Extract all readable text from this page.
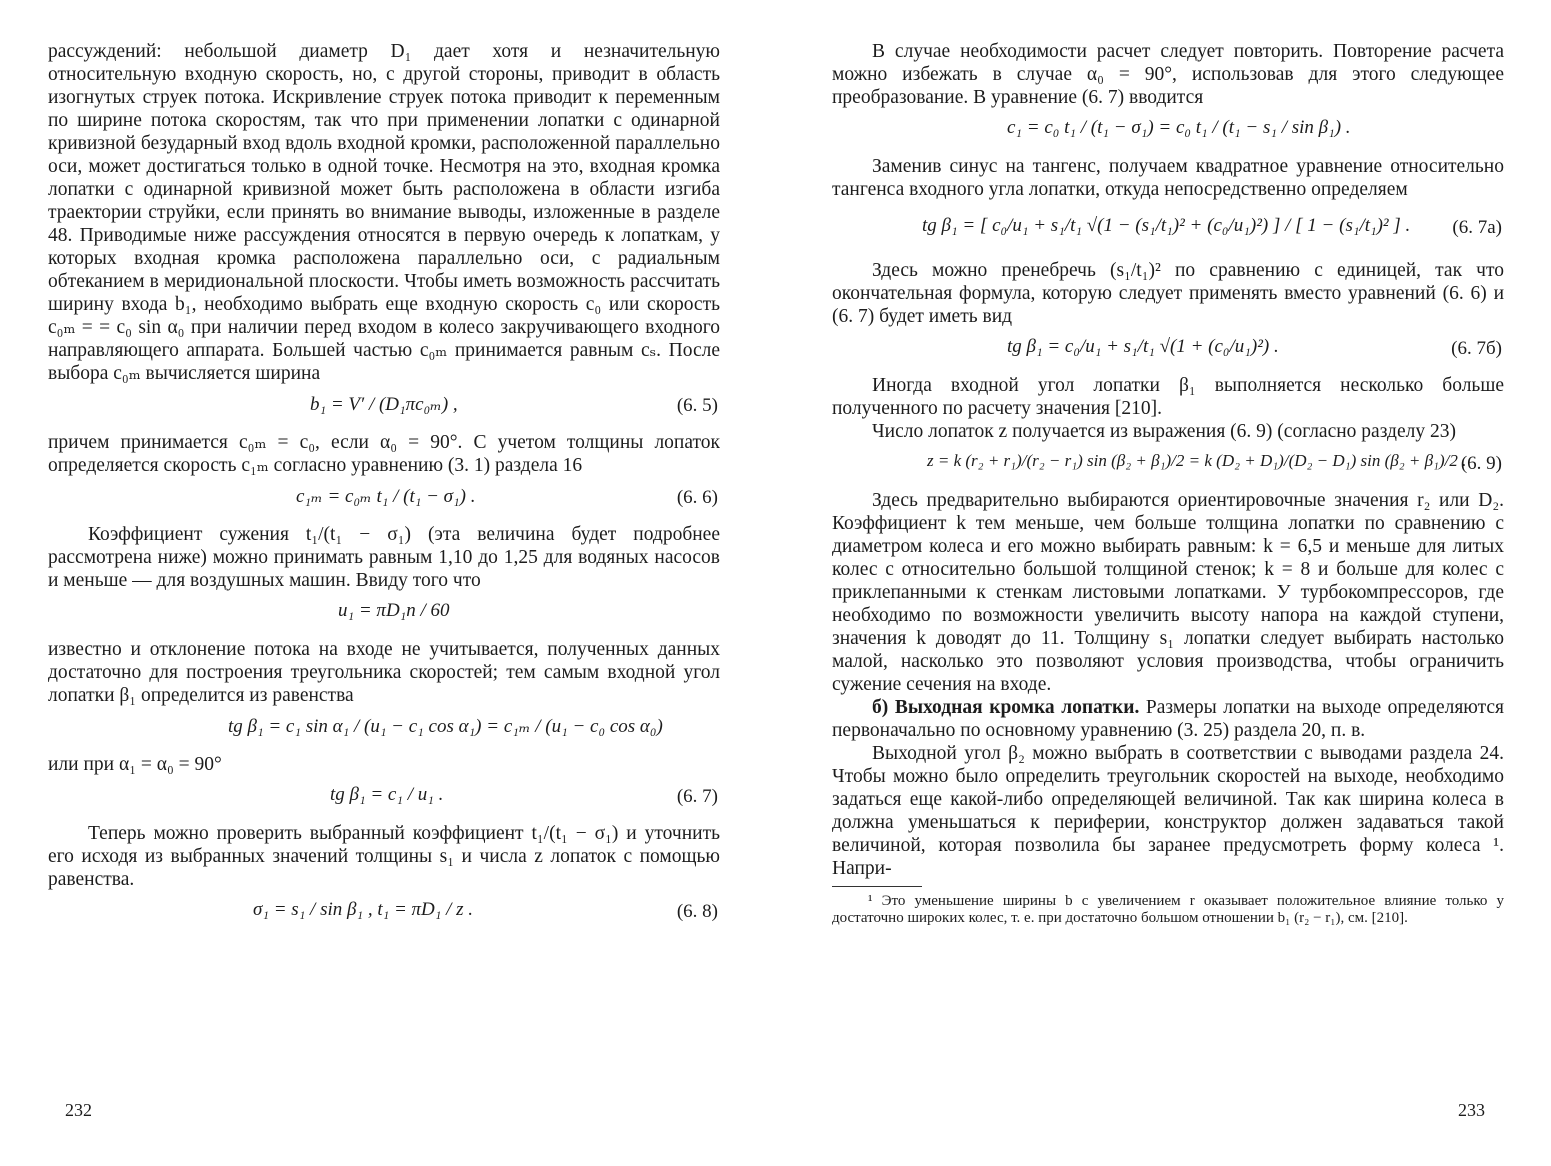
рассуждений: небольшой диаметр D₁ дает хотя и незначительную относительную входную скорость, но, с другой стороны, приводит в область изогнутых струек потока. Искривление струек потока приводит к переменным по ширине потока скоростям, так что при применении лопатки с одинарной кривизной безударный вход вдоль входной кромки, расположенной параллельно оси, может достигаться только в одной точке. Несмотря на это, входная кромка лопатки с одинарной кривизной может быть расположена в области изгиба траектории струйки, если принять во внимание выводы, изложенные в разделе 48. Приводимые ниже рассуждения относятся в первую очередь к лопаткам, у которых входная кромка расположена параллельно оси, с радиальным обтеканием в меридиональной плоскости. Чтобы иметь возможность рассчитать ширину входа b₁, необходимо выбрать еще входную скорость c₀ или скорость c₀ₘ = = c₀ sin α₀ при наличии перед входом в колесо закручивающего входного направляющего аппарата. Большей частью c₀ₘ принимается равным cₛ. После выбора c₀ₘ вычисляется ширина

b₁ = V′ / (D₁πc₀ₘ) ,	(6. 5)

причем принимается c₀ₘ = c₀, если α₀ = 90°. С учетом толщины лопаток определяется скорость c₁ₘ согласно уравнению (3. 1) раздела 16

c₁ₘ = c₀ₘ t₁ / (t₁ − σ₁) .	(6. 6)

Коэффициент сужения t₁/(t₁ − σ₁) (эта величина будет подробнее рассмотрена ниже) можно принимать равным 1,10 до 1,25 для водяных насосов и меньше — для воздушных машин. Ввиду того что

u₁ = πD₁n / 60

известно и отклонение потока на входе не учитывается, полученных данных достаточно для построения треугольника скоростей; тем самым входной угол лопатки β₁ определится из равенства

tg β₁ = c₁ sin α₁ / (u₁ − c₁ cos α₁) = c₁ₘ / (u₁ − c₀ cos α₀)

или при α₁ = α₀ = 90°

tg β₁ = c₁ / u₁ .	(6. 7)

Теперь можно проверить выбранный коэффициент t₁/(t₁ − σ₁) и уточнить его исходя из выбранных значений толщины s₁ и числа z лопаток с помощью равенства.

σ₁ = s₁ / sin β₁ , t₁ = πD₁ / z .	(6. 8)
232

В случае необходимости расчет следует повторить. Повторение расчета можно избежать в случае α₀ = 90°, использовав для этого следующее преобразование. В уравнение (6. 7) вводится

c₁ = c₀ t₁ / (t₁ − σ₁) = c₀ t₁ / (t₁ − s₁ / sin β₁) .

Заменив синус на тангенс, получаем квадратное уравнение относительно тангенса входного угла лопатки, откуда непосредственно определяем

tg β₁ = [ c₀/u₁ + s₁/t₁ √(1 − (s₁/t₁)² + (c₀/u₁)²) ] / [ 1 − (s₁/t₁)² ] . (6. 7а)

Здесь можно пренебречь (s₁/t₁)² по сравнению с единицей, так что окончательная формула, которую следует применять вместо уравнений (6. 6) и (6. 7) будет иметь вид

tg β₁ = c₀/u₁ + s₁/t₁ √(1 + (c₀/u₁)²) .	(6. 7б)

Иногда входной угол лопатки β₁ выполняется несколько больше полученного по расчету значения [210].

Число лопаток z получается из выражения (6. 9) (согласно разделу 23)

z = k (r₂ + r₁)/(r₂ − r₁) sin (β₂ + β₁)/2 = k (D₂ + D₁)/(D₂ − D₁) sin (β₂ + β₁)/2 .
(6. 9)

Здесь предварительно выбираются ориентировочные значения r₂ или D₂. Коэффициент k тем меньше, чем больше толщина лопатки по сравнению с диаметром колеса и его можно выбирать равным: k = 6,5 и меньше для литых колес с относительно большой толщиной стенок; k = 8 и больше для колес с приклепанными к стенкам листовыми лопатками. У турбокомпрессоров, где необходимо по возможности увеличить высоту напора на каждой ступени, значения k доводят до 11. Толщину s₁ лопатки следует выбирать настолько малой, насколько это позволяют условия производства, чтобы ограничить сужение сечения на входе.

б) Выходная кромка лопатки. Размеры лопатки на выходе определяются первоначально по основному уравнению (3. 25) раздела 20, п. в.

Выходной угол β₂ можно выбрать в соответствии с выводами раздела 24. Чтобы можно было определить треугольник скоростей на выходе, необходимо задаться еще какой-либо определяющей величиной. Так как ширина колеса в должна уменьшаться к периферии, конструктор должен задаваться такой величиной, которая позволила бы заранее предусмотреть форму колеса ¹. Напри-

¹ Это уменьшение ширины b с увеличением r оказывает положительное влияние только у достаточно широких колес, т. е. при достаточно большом отношении b₁ (r₂ − r₁), см. [210].

233
